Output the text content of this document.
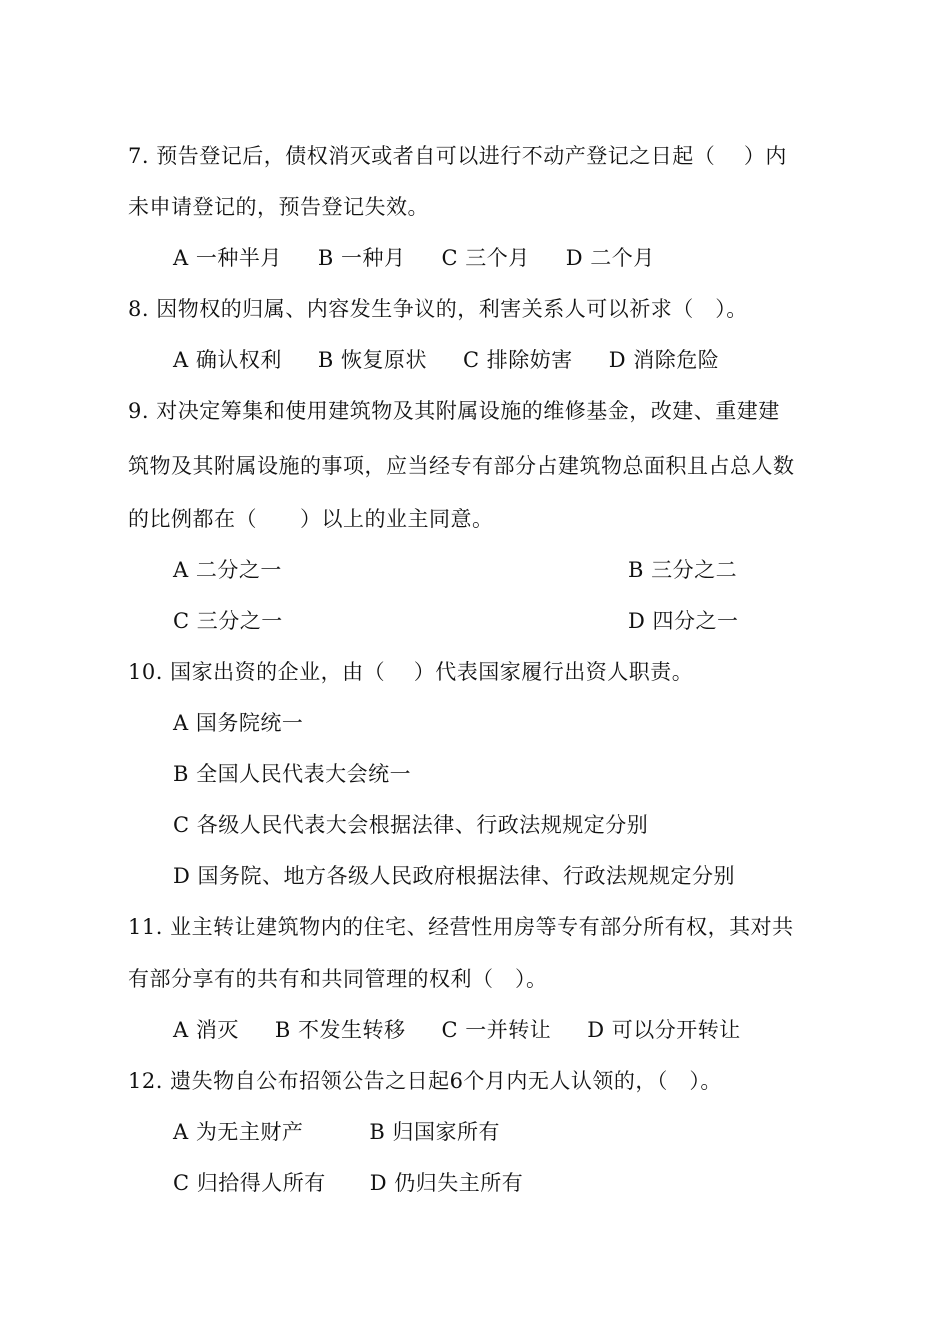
7. 预告登记后，债权消灭或者自可以进行不动产登记之日起（　 ）内
未申请登记的，预告登记失效。
A 一种半月 B 一种月 C 三个月 D 二个月
8. 因物权的归属、内容发生争议的，利害关系人可以祈求（　）。
A 确认权利 B 恢复原状 C 排除妨害 D 消除危险
9. 对决定筹集和使用建筑物及其附属设施的维修基金，改建、重建建
筑物及其附属设施的事项，应当经专有部分占建筑物总面积且占总人数
的比例都在（　　）以上的业主同意。
A 二分之一	B 三分之二
C 三分之一	D 四分之一
10. 国家出资的企业，由（　 ）代表国家履行出资人职责。
A 国务院统一
B 全国人民代表大会统一
C 各级人民代表大会根据法律、行政法规规定分别
D 国务院、地方各级人民政府根据法律、行政法规规定分别
11. 业主转让建筑物内的住宅、经营性用房等专有部分所有权，其对共
有部分享有的共有和共同管理的权利（　）。
A 消灭 B 不发生转移 C 一并转让 D 可以分开转让
12. 遗失物自公布招领公告之日起6个月内无人认领的，（　）。
A 为无主财产	B 归国家所有
C 归拾得人所有 D 仍归失主所有
